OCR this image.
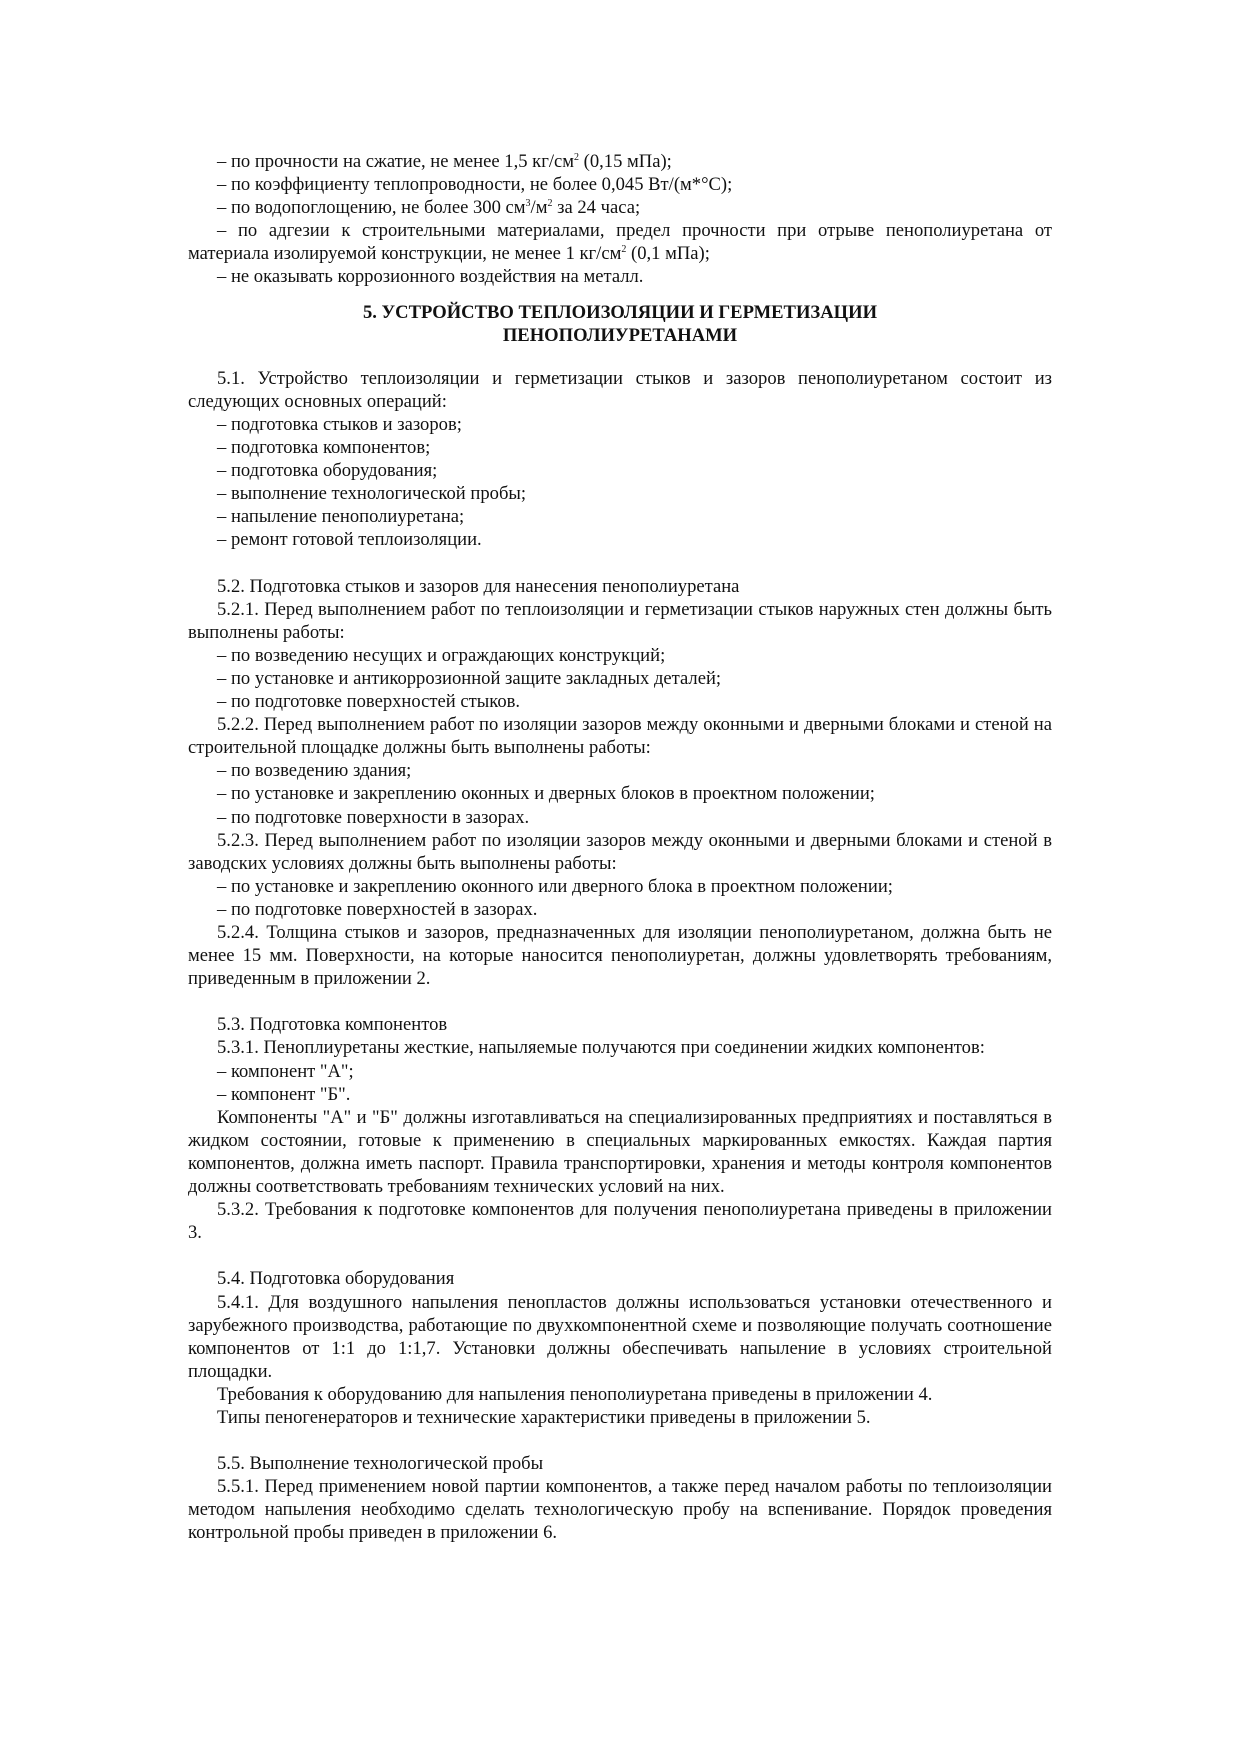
– по прочности на сжатие, не менее 1,5 $кг/см^2$ (0,15 мПа);

– по коэффициенту теплопроводности, не более 0,045 Вт/(м*°С);

– по водопоглощению, не более 300 $см^3/м^2$ за 24 часа;

– по адгезии к строительными материалами, предел прочности при отрыве пенополиуретана от материала изолируемой конструкции, не менее 1 $кг/см^2$ (0,1 мПа);

– не оказывать коррозионного воздействия на металл.

5. УСТРОЙСТВО ТЕПЛОИЗОЛЯЦИИ И ГЕРМЕТИЗАЦИИ
ПЕНОПОЛИУРЕТАНАМИ

5.1. Устройство теплоизоляции и герметизации стыков и зазоров пенополиуретаном состоит из следующих основных операций:

– подготовка стыков и зазоров;

– подготовка компонентов;

– подготовка оборудования;

– выполнение технологической пробы;

– напыление пенополиуретана;

– ремонт готовой теплоизоляции.

5.2. Подготовка стыков и зазоров для нанесения пенополиуретана

5.2.1. Перед выполнением работ по теплоизоляции и герметизации стыков наружных стен должны быть выполнены работы:

– по возведению несущих и ограждающих конструкций;

– по установке и антикоррозионной защите закладных деталей;

– по подготовке поверхностей стыков.

5.2.2. Перед выполнением работ по изоляции зазоров между оконными и дверными блоками и стеной на строительной площадке должны быть выполнены работы:

– по возведению здания;

– по установке и закреплению оконных и дверных блоков в проектном положении;

– по подготовке поверхности в зазорах.

5.2.3. Перед выполнением работ по изоляции зазоров между оконными и дверными блоками и стеной в заводских условиях должны быть выполнены работы:

– по установке и закреплению оконного или дверного блока в проектном положении;

– по подготовке поверхностей в зазорах.

5.2.4. Толщина стыков и зазоров, предназначенных для изоляции пенополиуретаном, должна быть не менее 15 мм. Поверхности, на которые наносится пенополиуретан, должны удовлетворять требованиям, приведенным в приложении 2.

5.3. Подготовка компонентов

5.3.1. Пеноплиуретаны жесткие, напыляемые получаются при соединении жидких компонентов:

– компонент "А";

– компонент "Б".

Компоненты "А" и "Б" должны изготавливаться на специализированных предприятиях и поставляться в жидком состоянии, готовые к применению в специальных маркированных емкостях. Каждая партия компонентов, должна иметь паспорт. Правила транспортировки, хранения и методы контроля компонентов должны соответствовать требованиям технических условий на них.

5.3.2. Требования к подготовке компонентов для получения пенополиуретана приведены в приложении 3.

5.4. Подготовка оборудования

5.4.1. Для воздушного напыления пенопластов должны использоваться установки отечественного и зарубежного производства, работающие по двухкомпонентной схеме и позволяющие получать соотношение компонентов от 1:1 до 1:1,7. Установки должны обеспечивать напыление в условиях строительной площадки.

Требования к оборудованию для напыления пенополиуретана приведены в приложении 4.

Типы пеногенераторов и технические характеристики приведены в приложении 5.

5.5. Выполнение технологической пробы

5.5.1. Перед применением новой партии компонентов, а также перед началом работы по теплоизоляции методом напыления необходимо сделать технологическую пробу на вспенивание. Порядок проведения контрольной пробы приведен в приложении 6.
